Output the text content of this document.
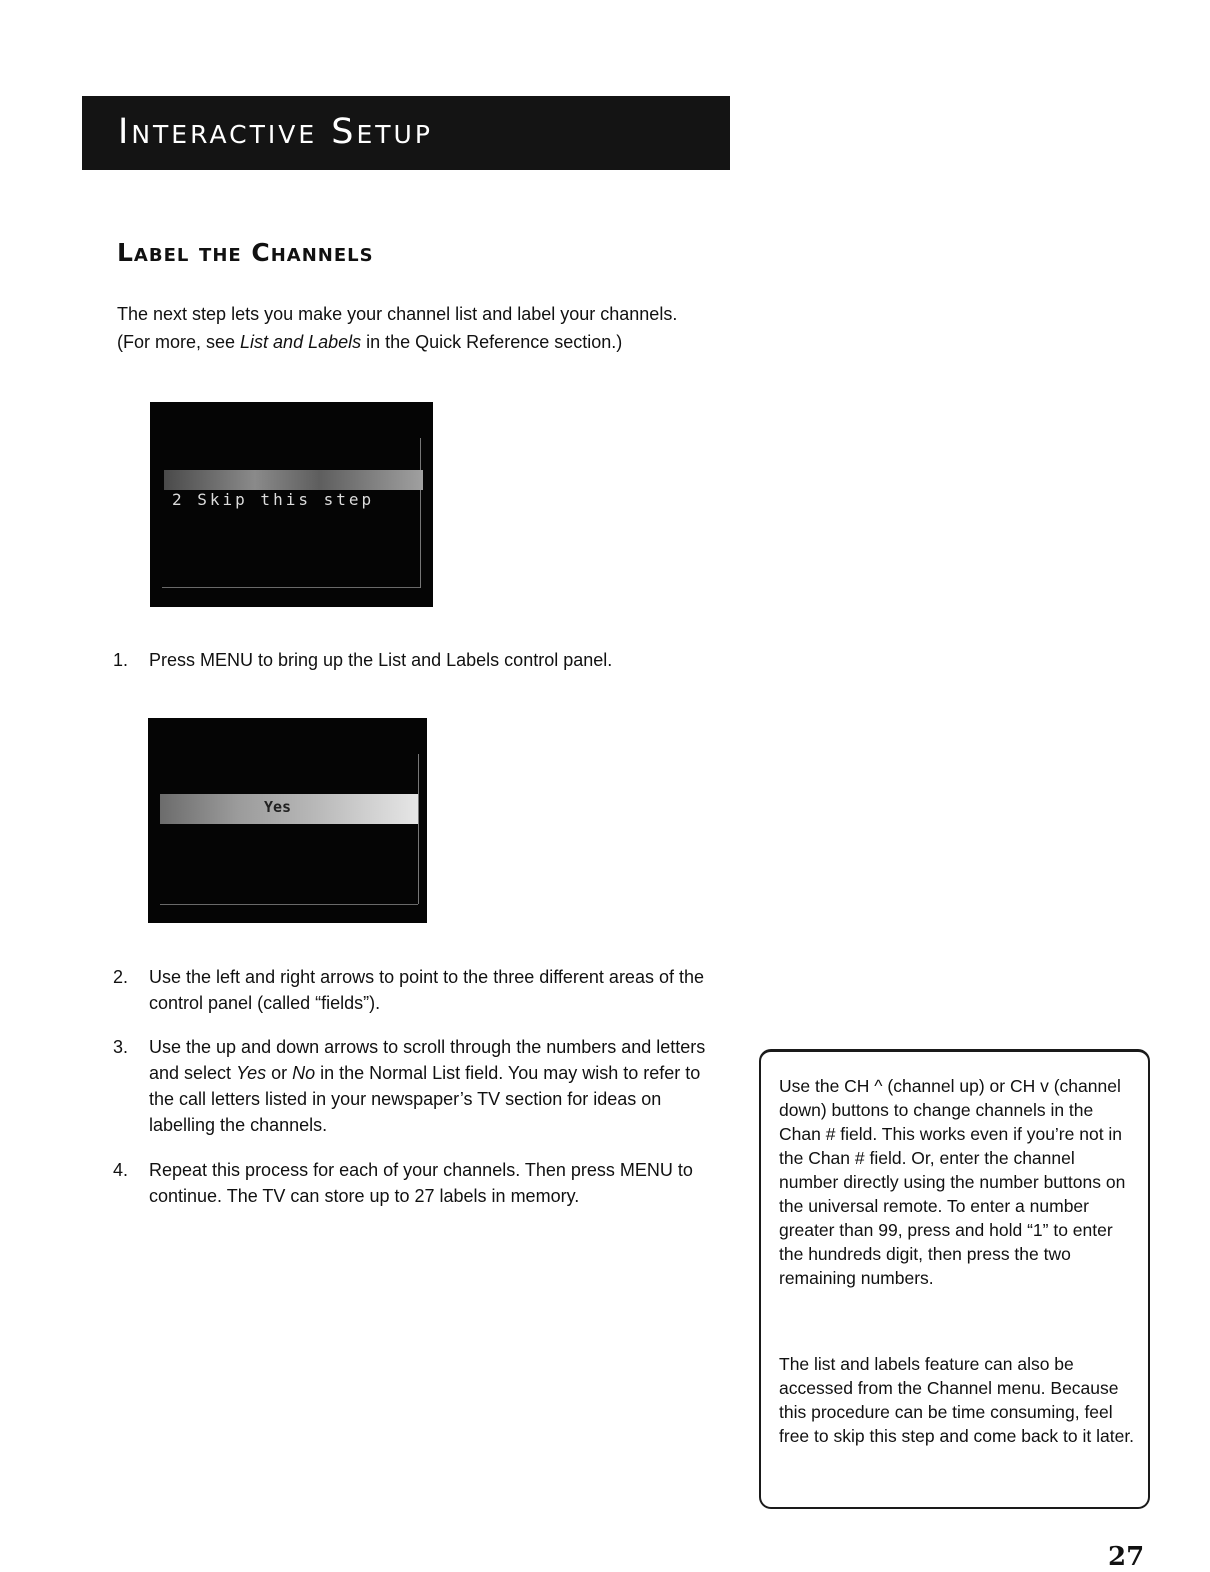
Interactive Setup
Label the Channels
The next step lets you make your channel list and label your channels.
(For more, see List and Labels in the Quick Reference section.)
2 Skip this step
1. Press MENU to bring up the List and Labels control panel.
Yes
2. Use the left and right arrows to point to the three different areas of the control panel (called “fields”).
3. Use the up and down arrows to scroll through the numbers and letters and select Yes or No in the Normal List field. You may wish to refer to the call letters listed in your newspaper’s TV section for ideas on labelling the channels.
4. Repeat this process for each of your channels. Then press MENU to continue. The TV can store up to 27 labels in memory.

Use the CH ^ (channel up) or CH v (channel down) buttons to change channels in the Chan # field. This works even if you’re not in the Chan # field. Or, enter the channel number directly using the number buttons on the universal remote. To enter a number greater than 99, press and hold “1” to enter the hundreds digit, then press the two remaining numbers.

The list and labels feature can also be accessed from the Channel menu. Because this procedure can be time consuming, feel free to skip this step and come back to it later.

27
